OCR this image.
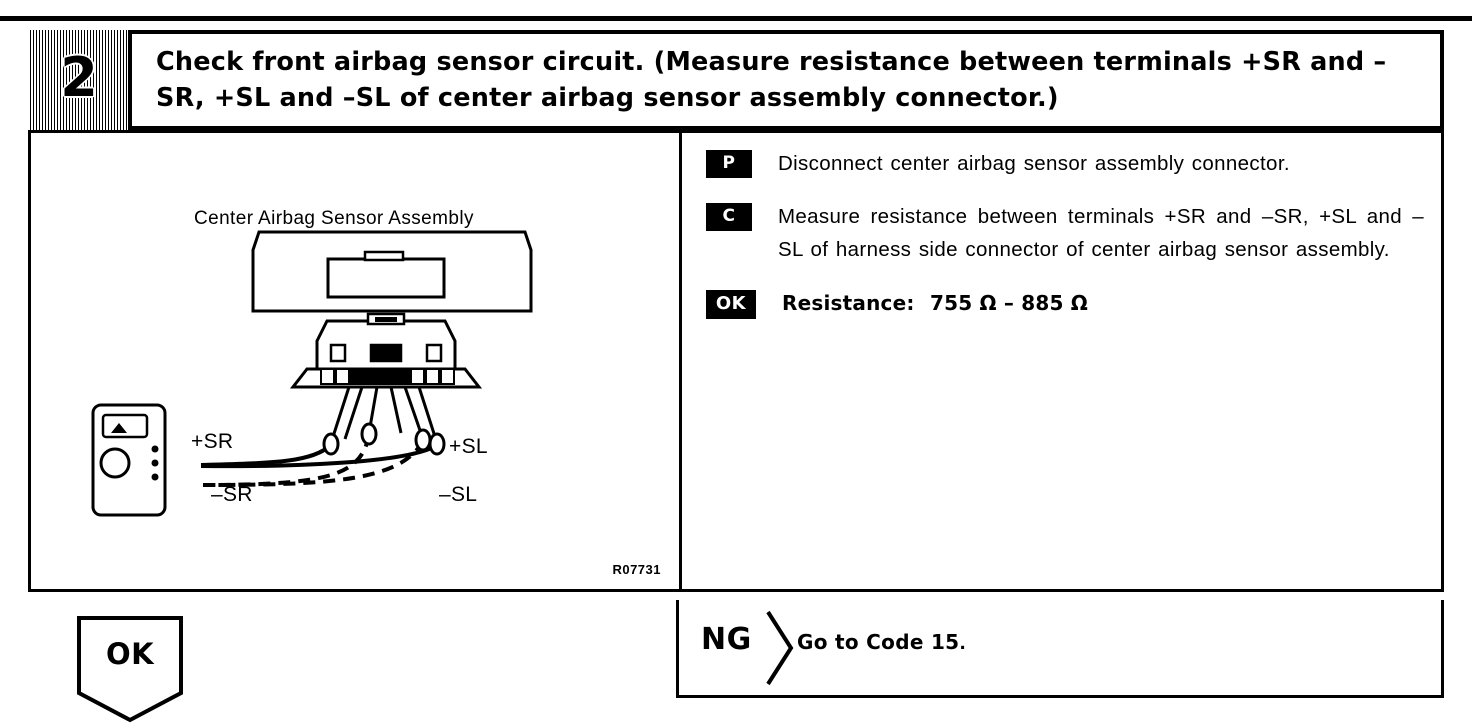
2	Check front airbag sensor circuit. (Measure resistance between terminals +SR and –SR, +SL and –SL of center airbag sensor assembly connector.)
Center Airbag Sensor Assembly
+SR
–SR
+SL
–SL
R07731
P	Disconnect center airbag sensor assembly connector.
C	Measure resistance between terminals +SR and –SR, +SL and –SL of harness side connector of center airbag sensor assembly.
OK	Resistance: 755 Ω – 885 Ω
OK	NG Go to Code 15.
